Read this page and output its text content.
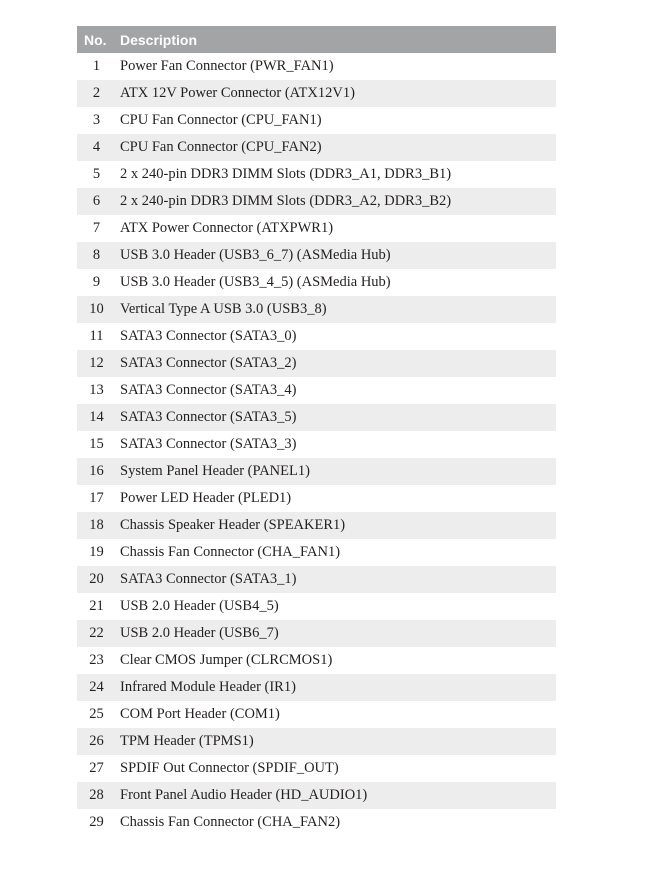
No. Description
1	Power Fan Connector (PWR_FAN1)
2	ATX 12V Power Connector (ATX12V1)
3	CPU Fan Connector (CPU_FAN1)
4	CPU Fan Connector (CPU_FAN2)
5	2 x 240-pin DDR3 DIMM Slots (DDR3_A1, DDR3_B1)
6	2 x 240-pin DDR3 DIMM Slots (DDR3_A2, DDR3_B2)
7	ATX Power Connector (ATXPWR1)
8	USB 3.0 Header (USB3_6_7) (ASMedia Hub)
9	USB 3.0 Header (USB3_4_5) (ASMedia Hub)
10	Vertical Type A USB 3.0 (USB3_8)
11	SATA3 Connector (SATA3_0)
12	SATA3 Connector (SATA3_2)
13	SATA3 Connector (SATA3_4)
14	SATA3 Connector (SATA3_5)
15	SATA3 Connector (SATA3_3)
16	System Panel Header (PANEL1)
17	Power LED Header (PLED1)
18	Chassis Speaker Header (SPEAKER1)
19	Chassis Fan Connector (CHA_FAN1)
20	SATA3 Connector (SATA3_1)
21	USB 2.0 Header (USB4_5)
22	USB 2.0 Header (USB6_7)
23	Clear CMOS Jumper (CLRCMOS1)
24	Infrared Module Header (IR1)
25	COM Port Header (COM1)
26	TPM Header (TPMS1)
27	SPDIF Out Connector (SPDIF_OUT)
28	Front Panel Audio Header (HD_AUDIO1)
29	Chassis Fan Connector (CHA_FAN2)
